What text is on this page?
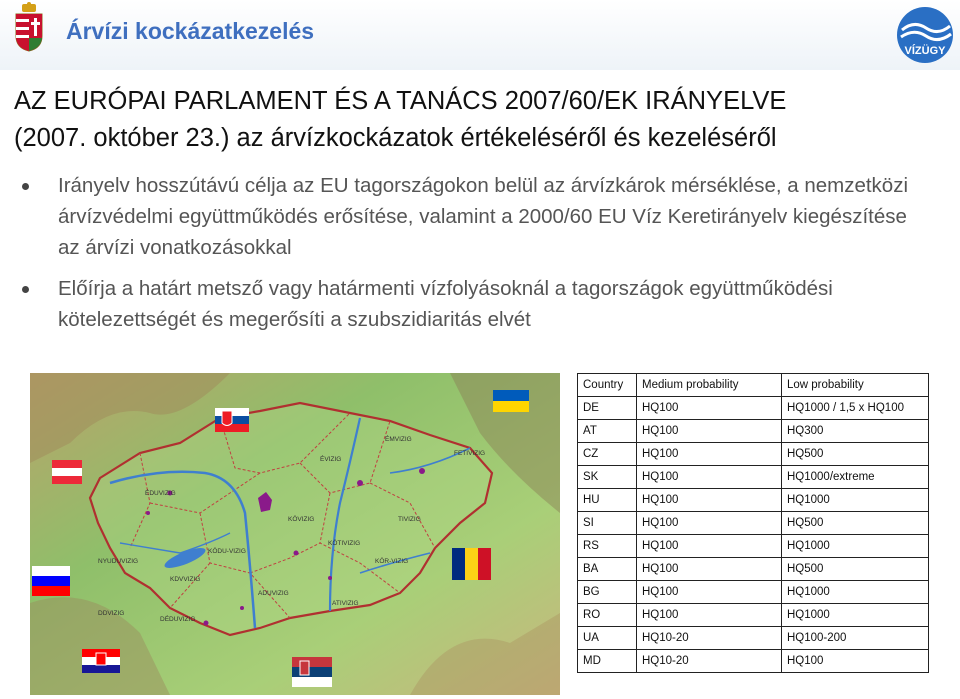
Árvízi kockázatkezelés
VÍZÜGY
AZ EURÓPAI PARLAMENT ÉS A TANÁCS 2007/60/EK IRÁNYELVE
(2007. október 23.) az árvízkockázatok értékeléséről és kezeléséről
Irányelv hosszútávú célja az EU tagországokon belül az árvízkárok mérséklése, a nemzetközi árvízvédelmi együttműködés erősítése, valamint a 2000/60 EU Víz Keretirányelv kiegészítése az árvízi vonatkozásokkal
Előírja a határt metsző vagy határmenti vízfolyásoknál a tagországok együttműködési kötelezettségét és megerősíti a szubszidiaritás elvét
ÉDUVIZIG
NYUDUVIZIG
KDVVIZIG
KÖDU-VIZIG
ÉVIZIG
ÉMVIZIG
FETIVIZIG
KÖVIZIG	TIVIZIG
KÖR-VIZIG
ADUVIZIG
ATIVIZIG
DÉDUVIZIG
DDVIZIG
KÖTIVIZIG
Country	Medium probability	Low probability
DE	HQ100	HQ1000 / 1,5 x HQ100
AT	HQ100	HQ300
CZ	HQ100	HQ500
SK	HQ100	HQ1000/extreme
HU	HQ100	HQ1000
SI	HQ100	HQ500
RS	HQ100	HQ1000
BA	HQ100	HQ500
BG	HQ100	HQ1000
RO	HQ100	HQ1000
UA	HQ10-20	HQ100-200
MD	HQ10-20	HQ100
